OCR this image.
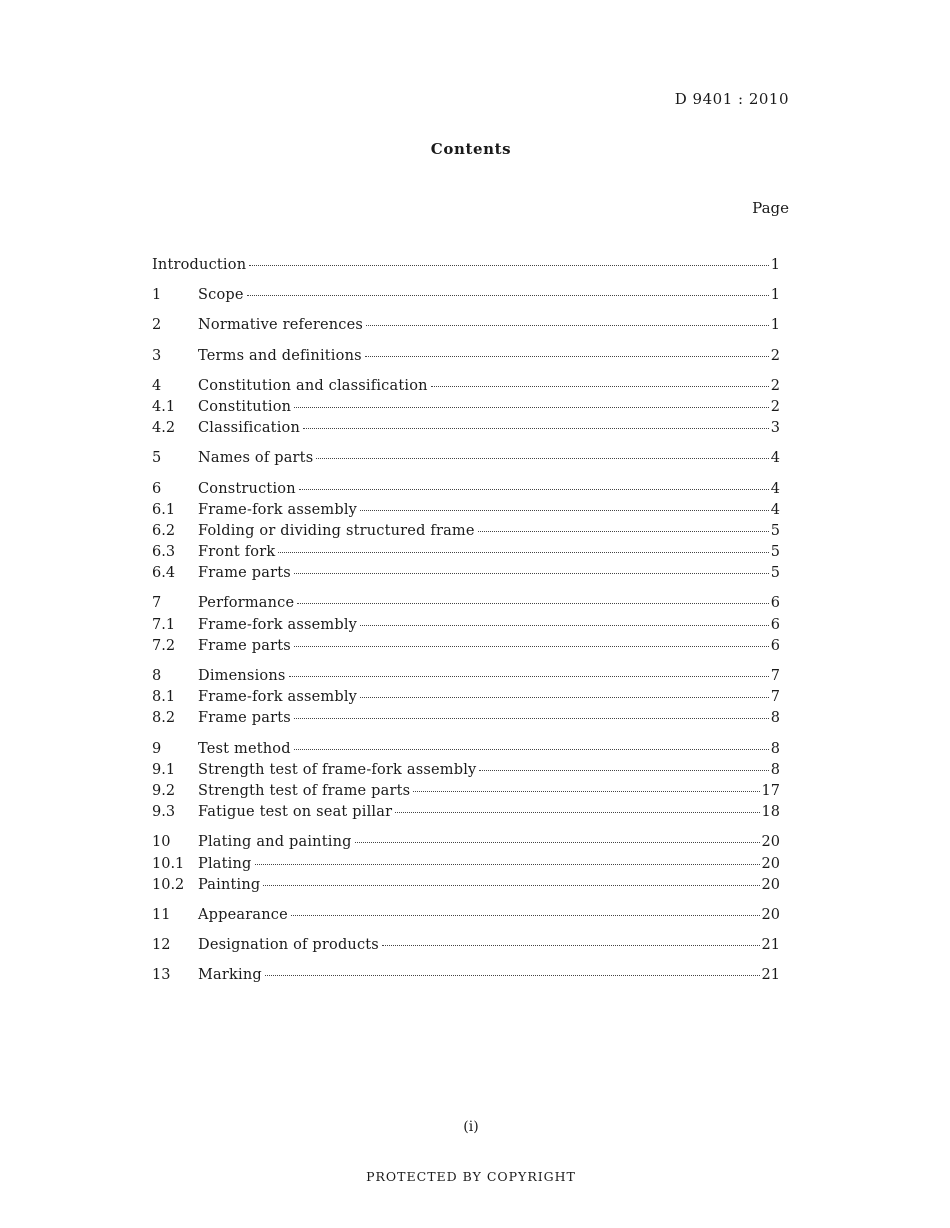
D 9401 : 2010
Contents
Page
Introduction	1
1	Scope	1
2	Normative references	1
3	Terms and definitions	2
4	Constitution and classification	2
4.1	Constitution	2
4.2	Classification	3
5	Names of parts	4
6	Construction	4
6.1	Frame-fork assembly	4
6.2	Folding or dividing structured frame	5
6.3	Front fork	5
6.4	Frame parts	5
7	Performance	6
7.1	Frame-fork assembly	6
7.2	Frame parts	6
8	Dimensions	7
8.1	Frame-fork assembly	7
8.2	Frame parts	8
9	Test method	8
9.1	Strength test of frame-fork assembly	8
9.2	Strength test of frame parts	17
9.3	Fatigue test on seat pillar	18
10	Plating and painting	20
10.1 Plating	20
10.2 Painting	20
11	Appearance	20
12	Designation of products	21
13	Marking	21
(i)
PROTECTED BY COPYRIGHT
